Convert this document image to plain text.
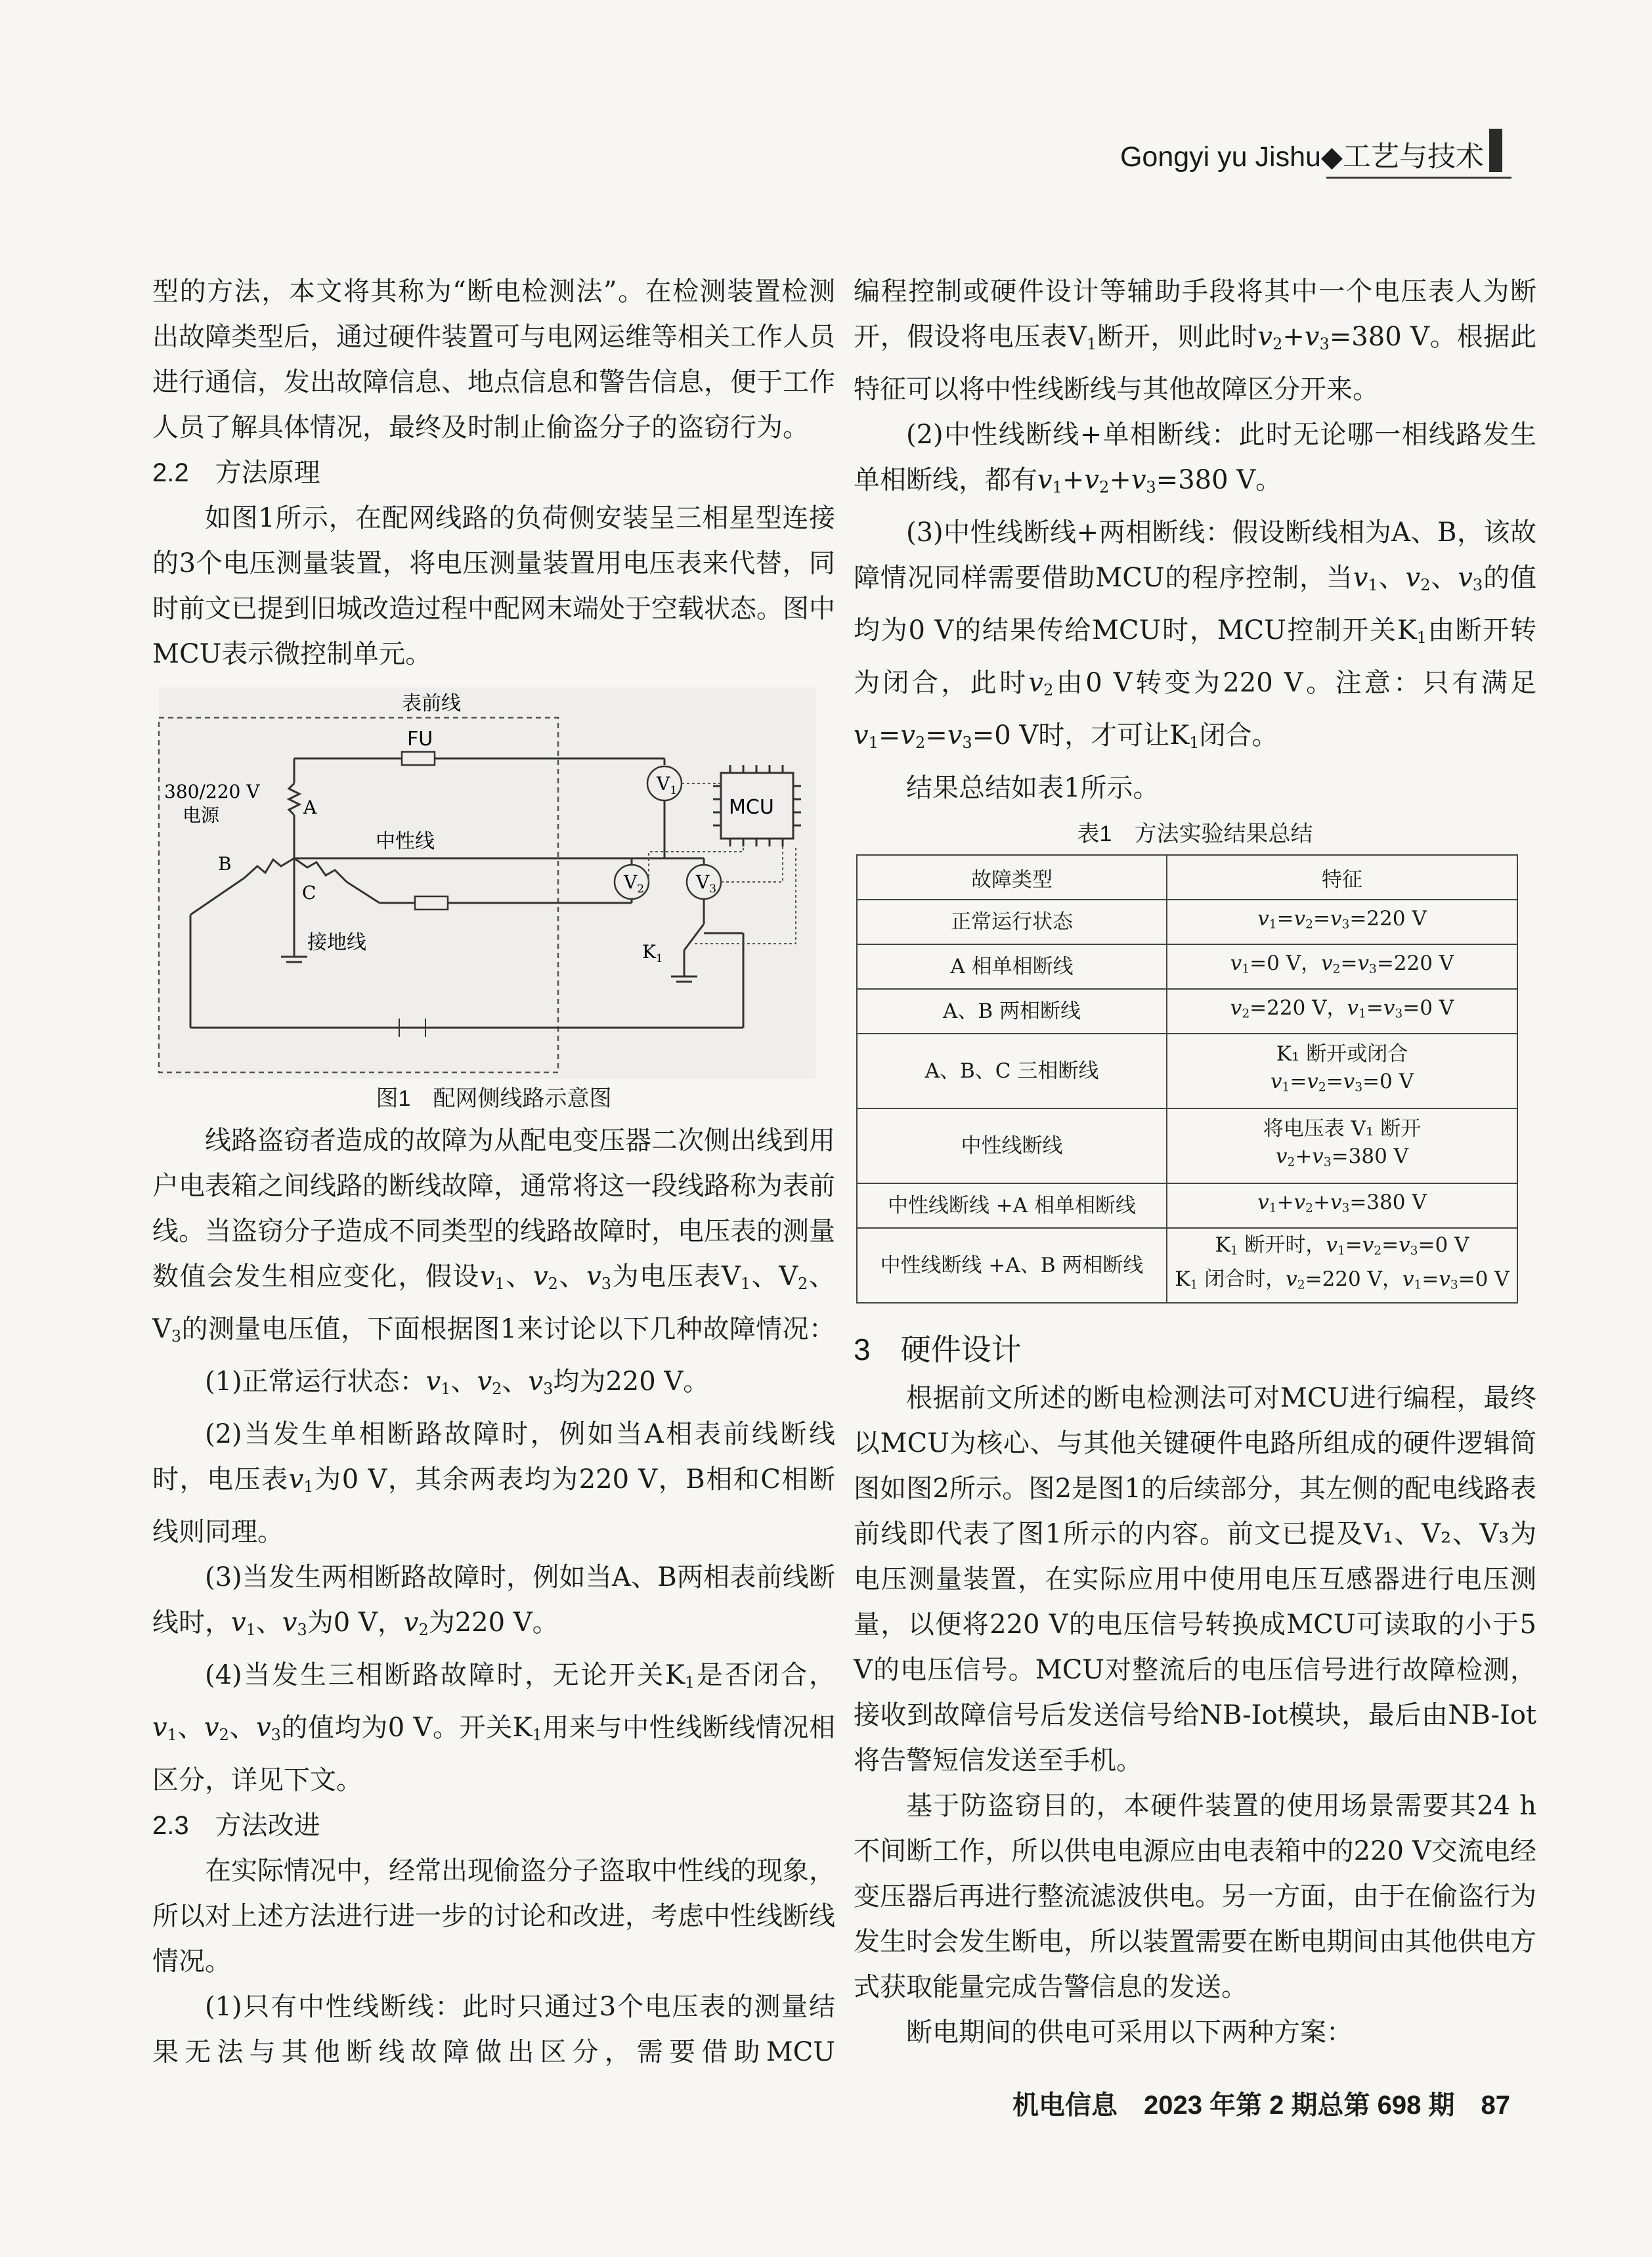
Gongyi yu Jishu◆工艺与技术

型的方法，本文将其称为“断电检测法”。在检测装置检测出故障类型后，通过硬件装置可与电网运维等相关工作人员进行通信，发出故障信息、地点信息和警告信息，便于工作人员了解具体情况，最终及时制止偷盗分子的盗窃行为。

2.2　方法原理

如图1所示，在配网线路的负荷侧安装呈三相星型连接的3个电压测量装置，将电压测量装置用电压表来代替，同时前文已提到旧城改造过程中配网末端处于空载状态。图中MCU表示微控制单元。

表前线
FU
380/220 V
电源	A
中性线
接地线
B
C
$V_1$
$V_2$	$V_3$
$K_1$
MCU
图1　配网侧线路示意图

线路盗窃者造成的故障为从配电变压器二次侧出线到用户电表箱之间线路的断线故障，通常将这一段线路称为表前线。当盗窃分子造成不同类型的线路故障时，电压表的测量数值会发生相应变化，假设$v_1$、$v_2$、$v_3$为电压表$V_1$、$V_2$、$V_3$的测量电压值，下面根据图1来讨论以下几种故障情况：

(1)正常运行状态：$v_1$、$v_2$、$v_3$均为220 V。

(2)当发生单相断路故障时，例如当A相表前线断线时，电压表$v_1$为0 V，其余两表均为220 V，B相和C相断线则同理。

(3)当发生两相断路故障时，例如当A、B两相表前线断线时，$v_1$、$v_3$为0 V，$v_2$为220 V。

(4)当发生三相断路故障时，无论开关$K_1$是否闭合，$v_1$、$v_2$、$v_3$的值均为0 V。开关$K_1$用来与中性线断线情况相区分，详见下文。

2.3　方法改进

在实际情况中，经常出现偷盗分子盗取中性线的现象，所以对上述方法进行进一步的讨论和改进，考虑中性线断线情况。

(1)只有中性线断线：此时只通过3个电压表的测量结果无法与其他断线故障做出区分，需要借助MCU

编程控制或硬件设计等辅助手段将其中一个电压表人为断开，假设将电压表$V_1$断开，则此时$v_2+v_3=380$ V。根据此特征可以将中性线断线与其他故障区分开来。

(2)中性线断线+单相断线：此时无论哪一相线路发生单相断线，都有$v_1+v_2+v_3=380$ V。

(3)中性线断线+两相断线：假设断线相为A、B，该故障情况同样需要借助MCU的程序控制，当$v_1$、$v_2$、$v_3$的值均为0 V的结果传给MCU时，MCU控制开关$K_1$由断开转为闭合，此时$v_2$由0 V转变为220 V。注意：只有满足$v_1=v_2=v_3=0$ V时，才可让$K_1$闭合。

结果总结如表1所示。

表1　方法实验结果总结
故障类型	特征
正常运行状态	$v_1=v_2=v_3=220$ V
A 相单相断线	$v_1=0$ V，$v_2=v_3=220$ V
A、B 两相断线	$v_2=220$ V，$v_1=v_3=0$ V
A、B、C 三相断线	K₁ 断开或闭合
$v_1=v_2=v_3=0$ V
中性线断线	将电压表 V₁ 断开
$v_2+v_3=380$ V
中性线断线 +A 相单相断线	$v_1+v_2+v_3=380$ V
中性线断线 +A、B 两相断线	$K_1$ 断开时，$v_1=v_2=v_3=0$ V
$K_1$ 闭合时，$v_2=220$ V，$v_1=v_3=0$ V
3　硬件设计

根据前文所述的断电检测法可对MCU进行编程，最终以MCU为核心、与其他关键硬件电路所组成的硬件逻辑简图如图2所示。图2是图1的后续部分，其左侧的配电线路表前线即代表了图1所示的内容。前文已提及V₁、V₂、V₃为电压测量装置，在实际应用中使用电压互感器进行电压测量，以便将220 V的电压信号转换成MCU可读取的小于5 V的电压信号。MCU对整流后的电压信号进行故障检测，接收到故障信号后发送信号给NB-Iot模块，最后由NB-Iot将告警短信发送至手机。

基于防盗窃目的，本硬件装置的使用场景需要其24 h不间断工作，所以供电电源应由电表箱中的220 V交流电经变压器后再进行整流滤波供电。另一方面，由于在偷盗行为发生时会发生断电，所以装置需要在断电期间由其他供电方式获取能量完成告警信息的发送。

断电期间的供电可采用以下两种方案：

机电信息　2023 年第 2 期总第 698 期　87
